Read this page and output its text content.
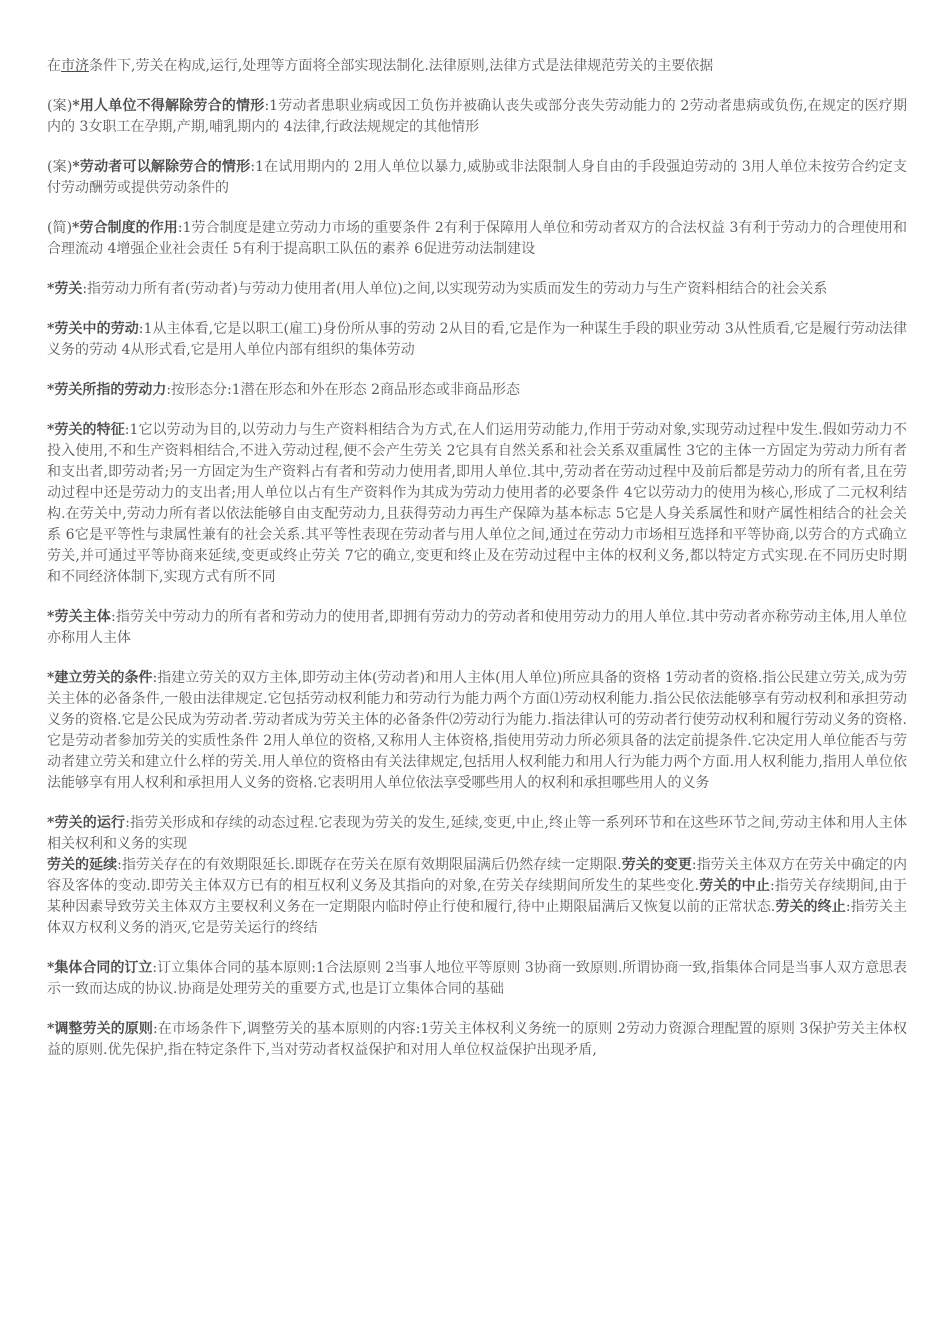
在市济条件下,劳关在构成,运行,处理等方面将全部实现法制化.法律原则,法律方式是法律规范劳关的主要依据

(案)*用人单位不得解除劳合的情形:1劳动者患职业病或因工负伤并被确认丧失或部分丧失劳动能力的 2劳动者患病或负伤,在规定的医疗期内的 3女职工在孕期,产期,哺乳期内的 4法律,行政法规规定的其他情形

(案)*劳动者可以解除劳合的情形:1在试用期内的 2用人单位以暴力,威胁或非法限制人身自由的手段强迫劳动的 3用人单位未按劳合约定支付劳动酬劳或提供劳动条件的

(简)*劳合制度的作用:1劳合制度是建立劳动力市场的重要条件 2有利于保障用人单位和劳动者双方的合法权益 3有利于劳动力的合理使用和合理流动 4增强企业社会责任 5有利于提高职工队伍的素养 6促进劳动法制建设

*劳关:指劳动力所有者(劳动者)与劳动力使用者(用人单位)之间,以实现劳动为实质而发生的劳动力与生产资料相结合的社会关系

*劳关中的劳动:1从主体看,它是以职工(雇工)身份所从事的劳动 2从目的看,它是作为一种谋生手段的职业劳动 3从性质看,它是履行劳动法律义务的劳动 4从形式看,它是用人单位内部有组织的集体劳动

*劳关所指的劳动力:按形态分:1潜在形态和外在形态 2商品形态或非商品形态

*劳关的特征:1它以劳动为目的,以劳动力与生产资料相结合为方式,在人们运用劳动能力,作用于劳动对象,实现劳动过程中发生.假如劳动力不投入使用,不和生产资料相结合,不进入劳动过程,便不会产生劳关 2它具有自然关系和社会关系双重属性 3它的主体一方固定为劳动力所有者和支出者,即劳动者;另一方固定为生产资料占有者和劳动力使用者,即用人单位.其中,劳动者在劳动过程中及前后都是劳动力的所有者,且在劳动过程中还是劳动力的支出者;用人单位以占有生产资料作为其成为劳动力使用者的必要条件 4它以劳动力的使用为核心,形成了二元权利结构.在劳关中,劳动力所有者以依法能够自由支配劳动力,且获得劳动力再生产保障为基本标志 5它是人身关系属性和财产属性相结合的社会关系 6它是平等性与隶属性兼有的社会关系.其平等性表现在劳动者与用人单位之间,通过在劳动力市场相互选择和平等协商,以劳合的方式确立劳关,并可通过平等协商来延续,变更或终止劳关 7它的确立,变更和终止及在劳动过程中主体的权利义务,都以特定方式实现.在不同历史时期和不同经济体制下,实现方式有所不同

*劳关主体:指劳关中劳动力的所有者和劳动力的使用者,即拥有劳动力的劳动者和使用劳动力的用人单位.其中劳动者亦称劳动主体,用人单位亦称用人主体

*建立劳关的条件:指建立劳关的双方主体,即劳动主体(劳动者)和用人主体(用人单位)所应具备的资格 1劳动者的资格.指公民建立劳关,成为劳关主体的必备条件,一般由法律规定.它包括劳动权利能力和劳动行为能力两个方面⑴劳动权利能力.指公民依法能够享有劳动权利和承担劳动义务的资格.它是公民成为劳动者.劳动者成为劳关主体的必备条件⑵劳动行为能力.指法律认可的劳动者行使劳动权利和履行劳动义务的资格.它是劳动者参加劳关的实质性条件 2用人单位的资格,又称用人主体资格,指使用劳动力所必须具备的法定前提条件.它决定用人单位能否与劳动者建立劳关和建立什么样的劳关.用人单位的资格由有关法律规定,包括用人权利能力和用人行为能力两个方面.用人权利能力,指用人单位依法能够享有用人权利和承担用人义务的资格.它表明用人单位依法享受哪些用人的权利和承担哪些用人的义务

*劳关的运行:指劳关形成和存续的动态过程.它表现为劳关的发生,延续,变更,中止,终止等一系列环节和在这些环节之间,劳动主体和用人主体相关权利和义务的实现

劳关的延续:指劳关存在的有效期限延长.即既存在劳关在原有效期限届满后仍然存续一定期限.劳关的变更:指劳关主体双方在劳关中确定的内容及客体的变动.即劳关主体双方已有的相互权利义务及其指向的对象,在劳关存续期间所发生的某些变化.劳关的中止:指劳关存续期间,由于某种因素导致劳关主体双方主要权利义务在一定期限内临时停止行使和履行,待中止期限届满后又恢复以前的正常状态.劳关的终止:指劳关主体双方权利义务的消灭,它是劳关运行的终结

*集体合同的订立:订立集体合同的基本原则:1合法原则 2当事人地位平等原则 3协商一致原则.所谓协商一致,指集体合同是当事人双方意思表示一致而达成的协议.协商是处理劳关的重要方式,也是订立集体合同的基础

*调整劳关的原则:在市场条件下,调整劳关的基本原则的内容:1劳关主体权利义务统一的原则 2劳动力资源合理配置的原则 3保护劳关主体权益的原则.优先保护,指在特定条件下,当对劳动者权益保护和对用人单位权益保护出现矛盾,
